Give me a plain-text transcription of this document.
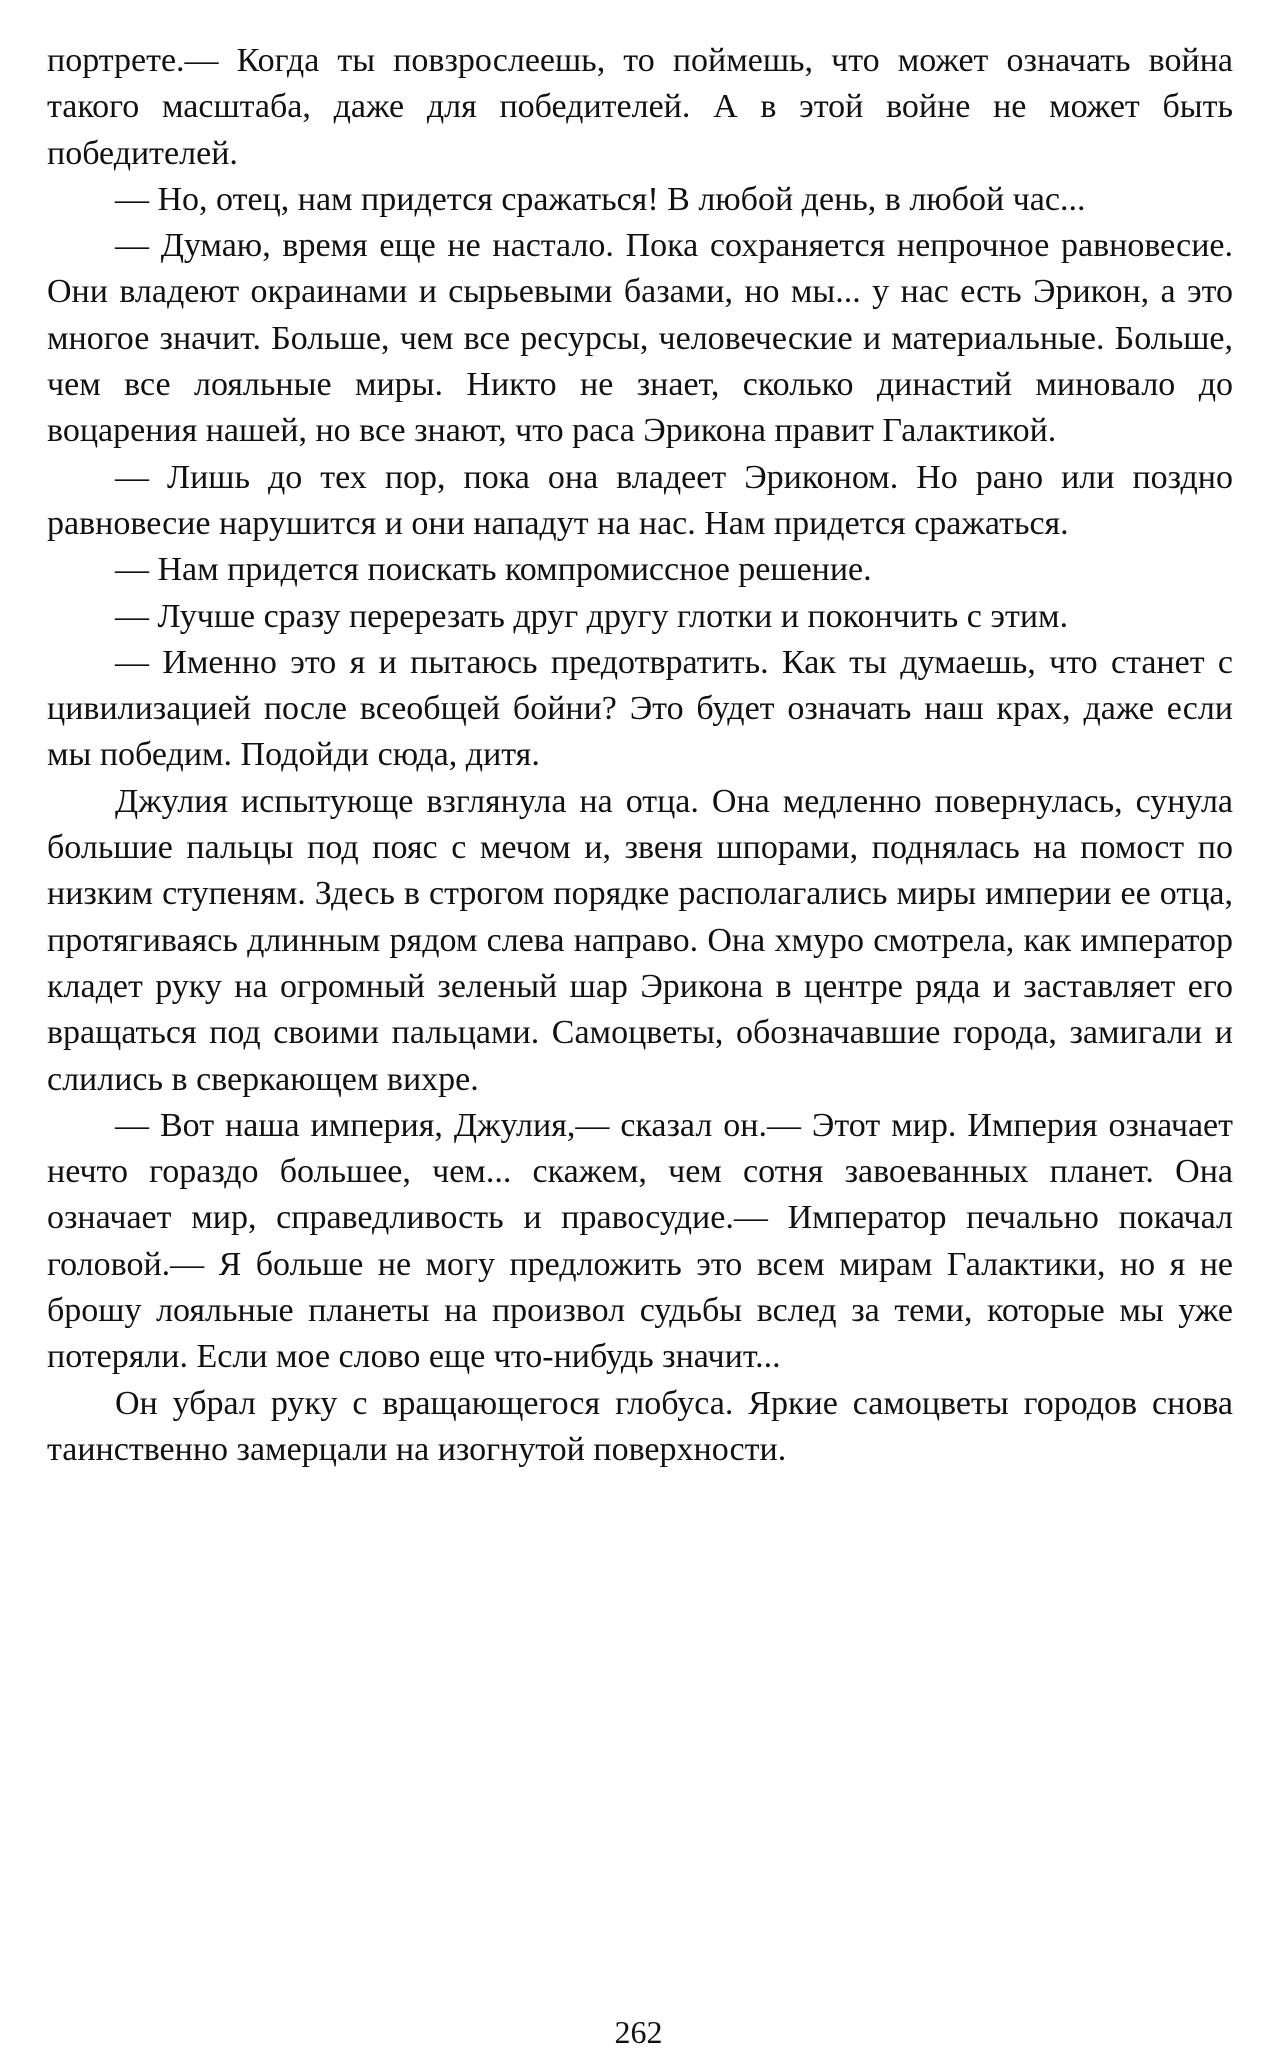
портрете.— Когда ты повзрослеешь, то поймешь, что может означать война такого масштаба, даже для победителей. А в этой войне не может быть победителей.

— Но, отец, нам придется сражаться! В любой день, в любой час...

— Думаю, время еще не настало. Пока сохраняется непрочное равновесие. Они владеют окраинами и сырьевыми базами, но мы... у нас есть Эрикон, а это многое значит. Больше, чем все ресурсы, человеческие и материальные. Больше, чем все лояльные миры. Никто не знает, сколько династий миновало до воцарения нашей, но все знают, что раса Эрикона правит Галактикой.

— Лишь до тех пор, пока она владеет Эриконом. Но рано или поздно равновесие нарушится и они нападут на нас. Нам придется сражаться.

— Нам придется поискать компромиссное решение.

— Лучше сразу перерезать друг другу глотки и покончить с этим.

— Именно это я и пытаюсь предотвратить. Как ты думаешь, что станет с цивилизацией после всеобщей бойни? Это будет означать наш крах, даже если мы победим. Подойди сюда, дитя.

Джулия испытующе взглянула на отца. Она медленно повернулась, сунула большие пальцы под пояс с мечом и, звеня шпорами, поднялась на помост по низким ступеням. Здесь в строгом порядке располагались миры империи ее отца, протягиваясь длинным рядом слева направо. Она хмуро смотрела, как император кладет руку на огромный зеленый шар Эрикона в центре ряда и заставляет его вращаться под своими пальцами. Самоцветы, обозначавшие города, замигали и слились в сверкающем вихре.

— Вот наша империя, Джулия,— сказал он.— Этот мир. Империя означает нечто гораздо большее, чем... скажем, чем сотня завоеванных планет. Она означает мир, справедливость и правосудие.— Император печально покачал головой.— Я больше не могу предложить это всем мирам Галактики, но я не брошу лояльные планеты на произвол судьбы вслед за теми, которые мы уже потеряли. Если мое слово еще что-нибудь значит...

Он убрал руку с вращающегося глобуса. Яркие самоцветы городов снова таинственно замерцали на изогнутой поверхности.

262
